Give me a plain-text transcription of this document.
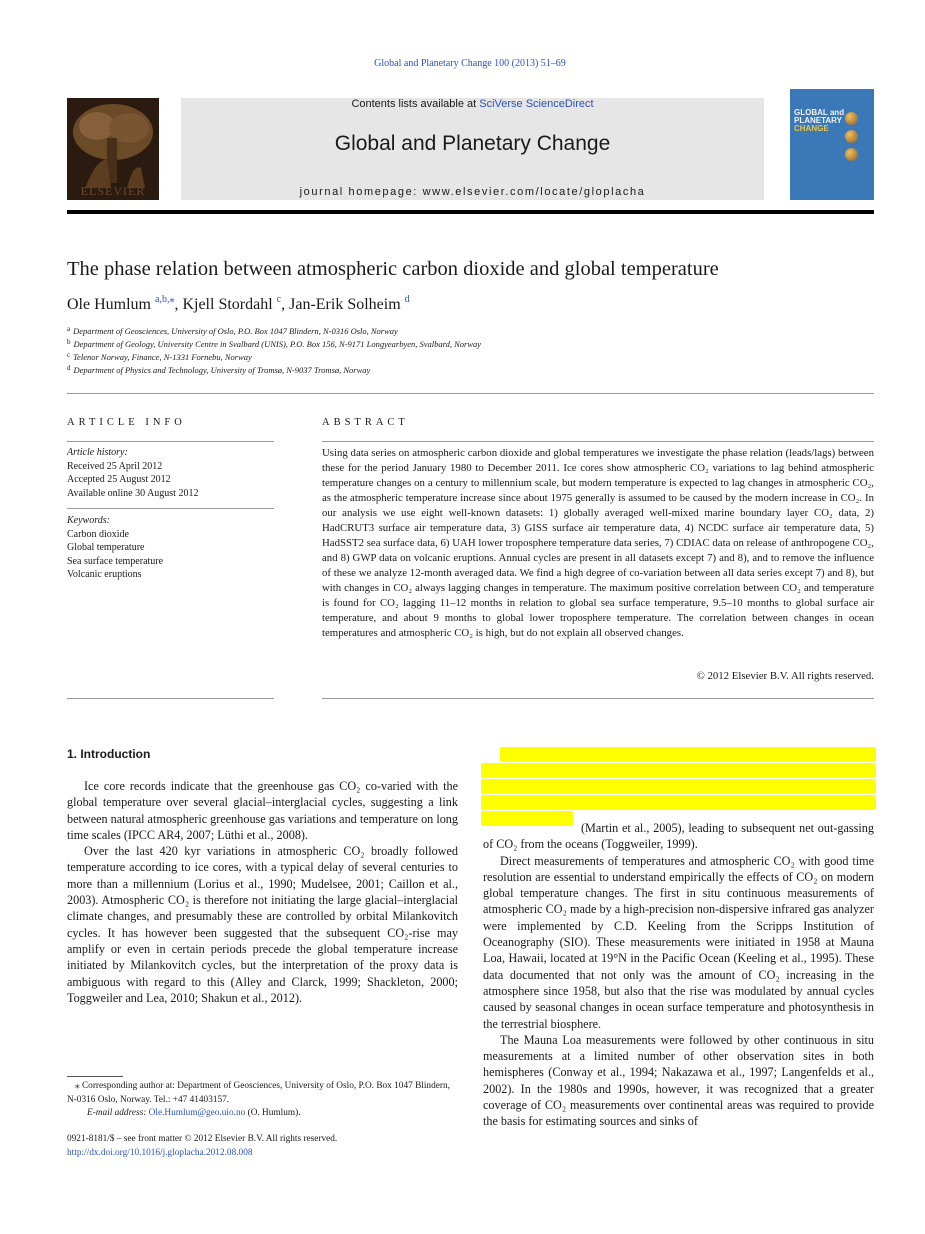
Global and Planetary Change 100 (2013) 51–69
ELSEVIER
Contents lists available at SciVerse ScienceDirect
Global and Planetary Change
journal homepage: www.elsevier.com/locate/gloplacha
GLOBAL and
PLANETARY
CHANGE
The phase relation between atmospheric carbon dioxide and global temperature
Ole Humlum $^{a,b,⁎}$, Kjell Stordahl $^c$, Jan-Erik Solheim $^d$
$^a$ Department of Geosciences, University of Oslo, P.O. Box 1047 Blindern, N-0316 Oslo, Norway
$^b$ Department of Geology, University Centre in Svalbard (UNIS), P.O. Box 156, N-9171 Longyearbyen, Svalbard, Norway
$^c$ Telenor Norway, Finance, N-1331 Fornebu, Norway
$^d$ Department of Physics and Technology, University of Tromsø, N-9037 Tromsø, Norway
ARTICLE INFO
Article history:
Received 25 April 2012
Accepted 25 August 2012
Available online 30 August 2012
Keywords:
Carbon dioxide
Global temperature
Sea surface temperature
Volcanic eruptions
ABSTRACT
Using data series on atmospheric carbon dioxide and global temperatures we investigate the phase relation (leads/lags) between these for the period January 1980 to December 2011. Ice cores show atmospheric CO₂ variations to lag behind atmospheric temperature changes on a century to millennium scale, but modern temperature is expected to lag changes in atmospheric CO₂, as the atmospheric temperature increase since about 1975 generally is assumed to be caused by the modern increase in CO₂. In our analysis we use eight well-known datasets: 1) globally averaged well-mixed marine boundary layer CO₂ data, 2) HadCRUT3 surface air temperature data, 3) GISS surface air temperature data, 4) NCDC surface air temperature data, 5) HadSST2 sea surface data, 6) UAH lower troposphere temperature data series, 7) CDIAC data on release of anthropogene CO₂, and 8) GWP data on volcanic eruptions. Annual cycles are present in all datasets except 7) and 8), and to remove the influence of these we analyze 12-month averaged data. We find a high degree of co-variation between all data series except 7) and 8), but with changes in CO₂ always lagging changes in temperature. The maximum positive correlation between CO₂ and temperature is found for CO₂ lagging 11–12 months in relation to global sea surface temperature, 9.5–10 months to global surface air temperature, and about 9 months to global lower troposphere temperature. The correlation between changes in ocean temperatures and atmospheric CO₂ is high, but do not explain all observed changes.
© 2012 Elsevier B.V. All rights reserved.
1. Introduction

Ice core records indicate that the greenhouse gas CO₂ co-varied with the global temperature over several glacial–interglacial cycles, suggesting a link between natural atmospheric greenhouse gas variations and temperature on long time scales (IPCC AR4, 2007; Lüthi et al., 2008).

Over the last 420 kyr variations in atmospheric CO₂ broadly followed temperature according to ice cores, with a typical delay of several centuries to more than a millennium (Lorius et al., 1990; Mudelsee, 2001; Caillon et al., 2003). Atmospheric CO₂ is therefore not initiating the large glacial–interglacial climate changes, and presumably these are controlled by orbital Milankovitch cycles. It has however been suggested that the subsequent CO₂-rise may amplify or even in certain periods precede the global temperature increase initiated by Milankovitch cycles, but the interpretation of the proxy data is ambiguous with regard to this (Alley and Clarck, 1999; Shackleton, 2000; Toggweiler and Lea, 2010; Shakun et al., 2012).

(Martin et al., 2005), leading to subsequent net out-gassing of CO₂ from the oceans (Toggweiler, 1999).

Direct measurements of temperatures and atmospheric CO₂ with good time resolution are essential to understand empirically the effects of CO₂ on modern global temperature changes. The first in situ continuous measurements of atmospheric CO₂ made by a high-precision non-dispersive infrared gas analyzer were implemented by C.D. Keeling from the Scripps Institution of Oceanography (SIO). These measurements were initiated in 1958 at Mauna Loa, Hawaii, located at 19°N in the Pacific Ocean (Keeling et al., 1995). These data documented that not only was the amount of CO₂ increasing in the atmosphere since 1958, but also that the rise was modulated by annual cycles caused by seasonal changes in ocean surface temperature and photosynthesis in the terrestrial biosphere.

The Mauna Loa measurements were followed by other continuous in situ measurements at a limited number of other observation sites in both hemispheres (Conway et al., 1994; Nakazawa et al., 1997; Langenfelds et al., 2002). In the 1980s and 1990s, however, it was recognized that a greater coverage of CO₂ measurements over continental areas was required to provide the basis for estimating sources and sinks of

⁎ Corresponding author at: Department of Geosciences, University of Oslo, P.O. Box 1047 Blindern, N-0316 Oslo, Norway. Tel.: +47 41403157.
E-mail address: Ole.Humlum@geo.uio.no (O. Humlum).
0921-8181/$ – see front matter © 2012 Elsevier B.V. All rights reserved.
http://dx.doi.org/10.1016/j.gloplacha.2012.08.008
